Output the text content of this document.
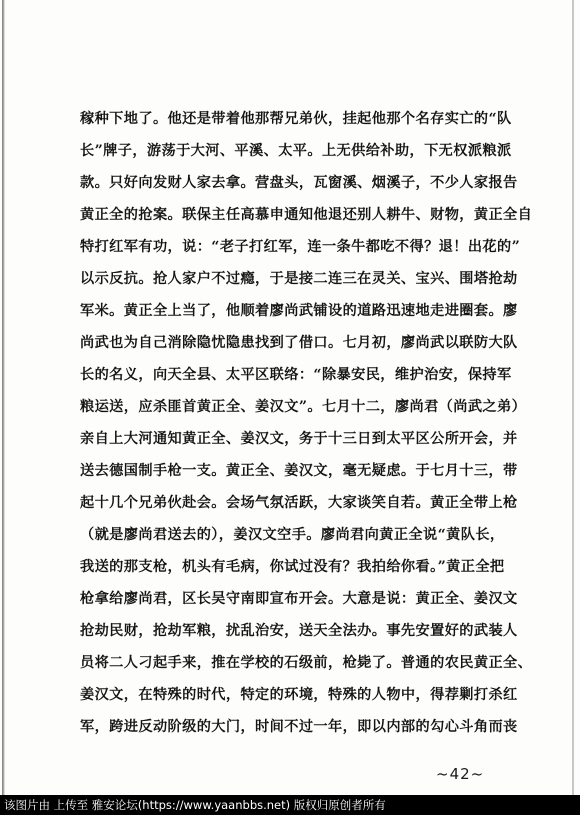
稼种下地了。他还是带着他那帮兄弟伙，挂起他那个名存实亡的“队
长”牌子，游荡于大河、平溪、太平。上无供给补助，下无权派粮派
款。只好向发财人家去拿。营盘头，瓦窗溪、烟溪子，不少人家报告
黄正全的抢案。联保主任高慕申通知他退还别人耕牛、财物，黄正全自
特打红军有功，说：“老子打红军，连一条牛都吃不得？退！出花的”
以示反抗。抢人家户不过瘾，于是接二连三在灵关、宝兴、围塔抢劫
军米。黄正全上当了，他顺着廖尚武铺设的道路迅速地走进圈套。廖
尚武也为自己消除隐忧隐患找到了借口。七月初，廖尚武以联防大队
长的名义，向天全县、太平区联络：“除暴安民，维护治安，保持军
粮运送，应杀匪首黄正全、姜汉文”。七月十二，廖尚君（尚武之弟）
亲自上大河通知黄正全、姜汉文，务于十三日到太平区公所开会，并
送去德国制手枪一支。黄正全、姜汉文，毫无疑虑。于七月十三，带
起十几个兄弟伙赴会。会场气氛活跃，大家谈笑自若。黄正全带上枪
（就是廖尚君送去的），姜汉文空手。廖尚君向黄正全说“黄队长，
我送的那支枪，机头有毛病，你试过没有？我拍给你看。”黄正全把
枪拿给廖尚君，区长吴守南即宣布开会。大意是说：黄正全、姜汉文
抢劫民财，抢劫军粮，扰乱治安，送天全法办。事先安置好的武装人
员将二人刁起手来，推在学校的石级前，枪毙了。普通的农民黄正全、
姜汉文，在特殊的时代，特定的环境，特殊的人物中，得荐剿打杀红
军，跨进反动阶级的大门，时间不过一年，即以内部的勾心斗角而丧
~42~
该图片由 上传至 雅安论坛(https://www.yaanbbs.net) 版权归原创者所有
